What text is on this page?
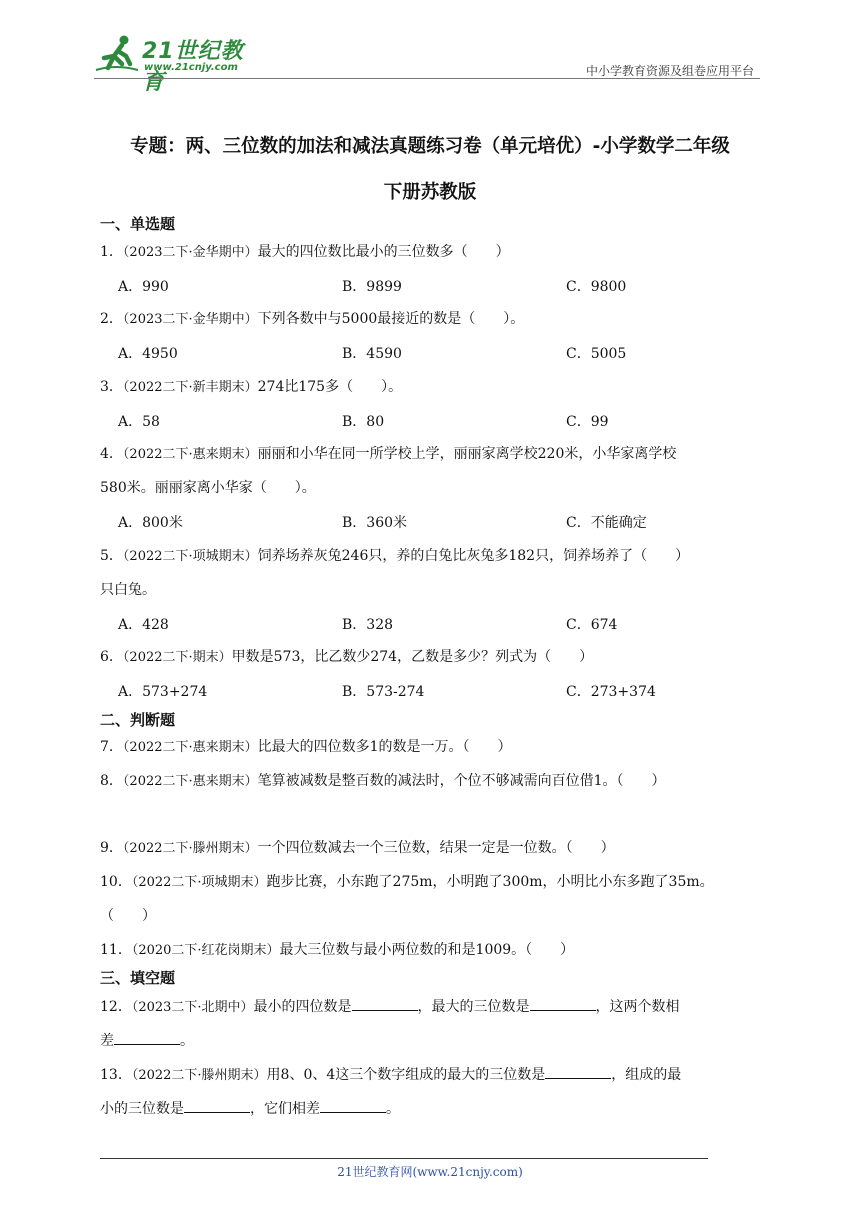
21世纪教育
www.21cnjy.com	中小学教育资源及组卷应用平台
专题：两、三位数的加法和减法真题练习卷（单元培优）-小学数学二年级
下册苏教版
一、单选题
1．（2023二下·金华期中）最大的四位数比最小的三位数多（　　）
A．990	B．9899	C．9800
2．（2023二下·金华期中）下列各数中与5000最接近的数是（　　）。
A．4950	B．4590	C．5005
3．（2022二下·新丰期末）274比175多（　　）。
A．58	B．80	C．99
4．（2022二下·惠来期末）丽丽和小华在同一所学校上学，丽丽家离学校220米，小华家离学校
580米。丽丽家离小华家（　　）。
A．800米	B．360米	C．不能确定
5．（2022二下·项城期末）饲养场养灰兔246只，养的白兔比灰兔多182只，饲养场养了（　　）
只白兔。
A．428	B．328	C．674
6．（2022二下·期末）甲数是573，比乙数少274，乙数是多少？列式为（　　）
A．573+274	B．573-274	C．273+374
二、判断题
7．（2022二下·惠来期末）比最大的四位数多1的数是一万。（　　）
8．（2022二下·惠来期末）笔算被减数是整百数的减法时，个位不够减需向百位借1。（　　）
9．（2022二下·滕州期末）一个四位数减去一个三位数，结果一定是一位数。（　　）
10．（2022二下·项城期末）跑步比赛，小东跑了275m，小明跑了300m，小明比小东多跑了35m。
（　　）
11．（2020二下·红花岗期末）最大三位数与最小两位数的和是1009。（　　）
三、填空题
12．（2023二下·北期中）最小的四位数是	，最大的三位数是	，这两个数相
差	。
13．（2022二下·滕州期末）用8、0、4这三个数字组成的最大的三位数是	，组成的最
小的三位数是	，它们相差	。
21世纪教育网(www.21cnjy.com)
